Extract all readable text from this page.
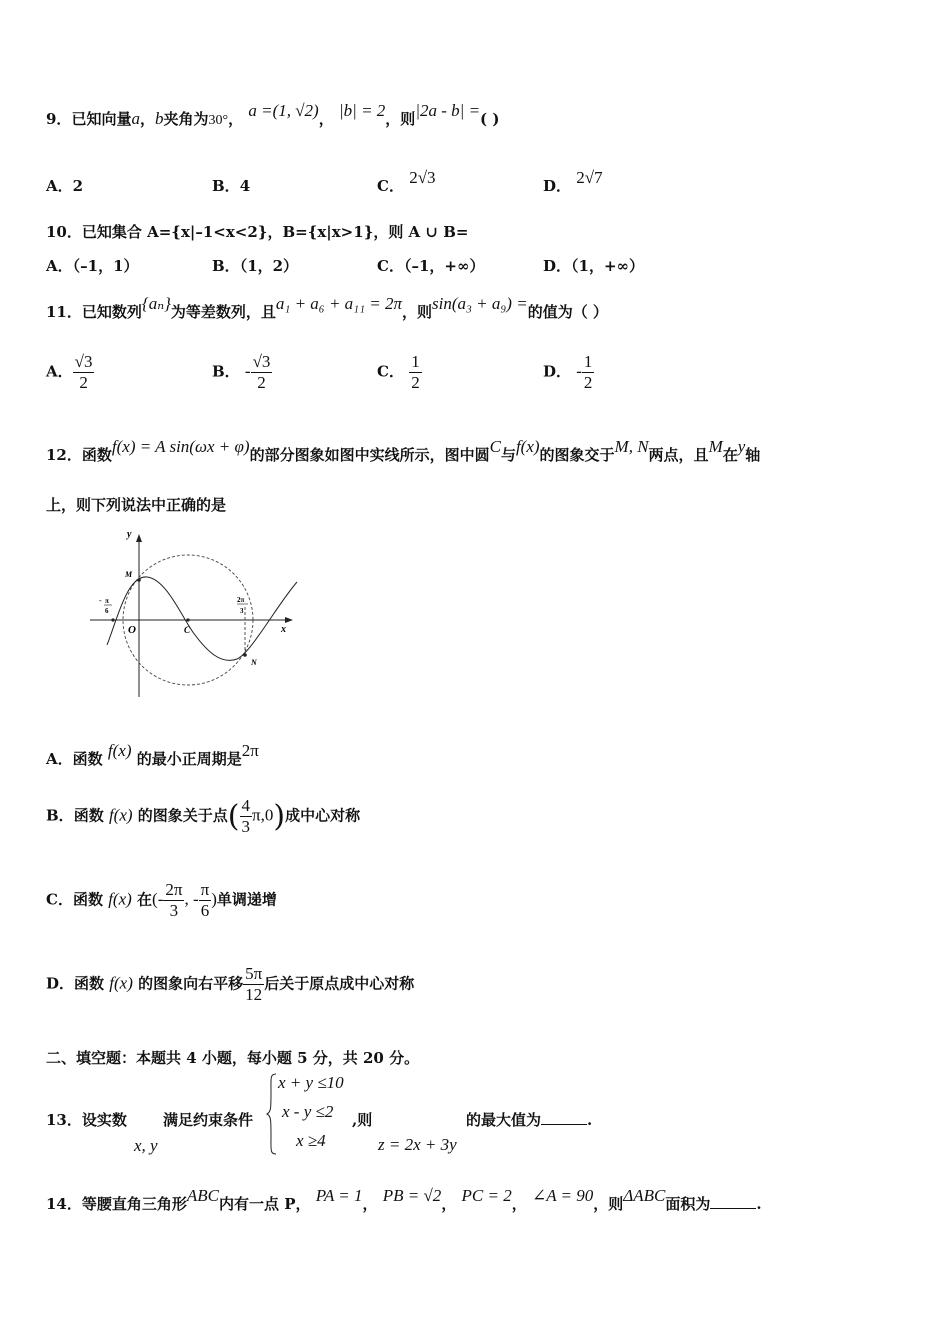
9．已知向量a，b夹角为30°， a =(1, √2)， |b| = 2，则|2a - b| =( )
A．2	B．4	C． 2√3	D． 2√7
10．已知集合 A={x|–1<x<2}，B={x|x>1}，则 A ∪ B=
A．（–1，1）	B．（1，2）	C．（–1，+∞）	D．（1，+∞）
11．已知数列{aₙ}为等差数列，且a₁ + a₆ + a₁₁ = 2π，则sin(a₃ + a₉) =的值为（ ）
A． $\frac{√3}{2}$	B． - $\frac{√3}{2}$	C． $\frac{1}{2}$	D． - $\frac{1}{2}$
12．函数f(x) = A sin(ωx + φ)的部分图象如图中实线所示，图中圆C与f(x)的图象交于M, N两点，且M在y轴
上，则下列说法中正确的是
y
x
O
M
N
C
- π
6
2π
3
A．函数 f(x) 的最小正周期是2π
B．函数 f(x) 的图象关于点( $\frac{4}{3} \pi,0$)成中心对称
C．函数 f(x) 在(- $\frac{2\pi}{3}$ , - $\frac{\pi}{6}$ )单调递增
D．函数 f(x) 的图象向右平移 $\frac{5\pi}{12}$ 后关于原点成中心对称
二、填空题：本题共 4 小题，每小题 5 分，共 20 分。
13．设实数 满足约束条件
x, y
x + y ≤10
x - y ≤2 ,则
x ≥4	z = 2x + 3y
的最大值为	.
14．等腰直角三角形ABC内有一点 P， PA = 1， PB = √2， PC = 2， ∠A = 90，则ΔABC面积为	.
